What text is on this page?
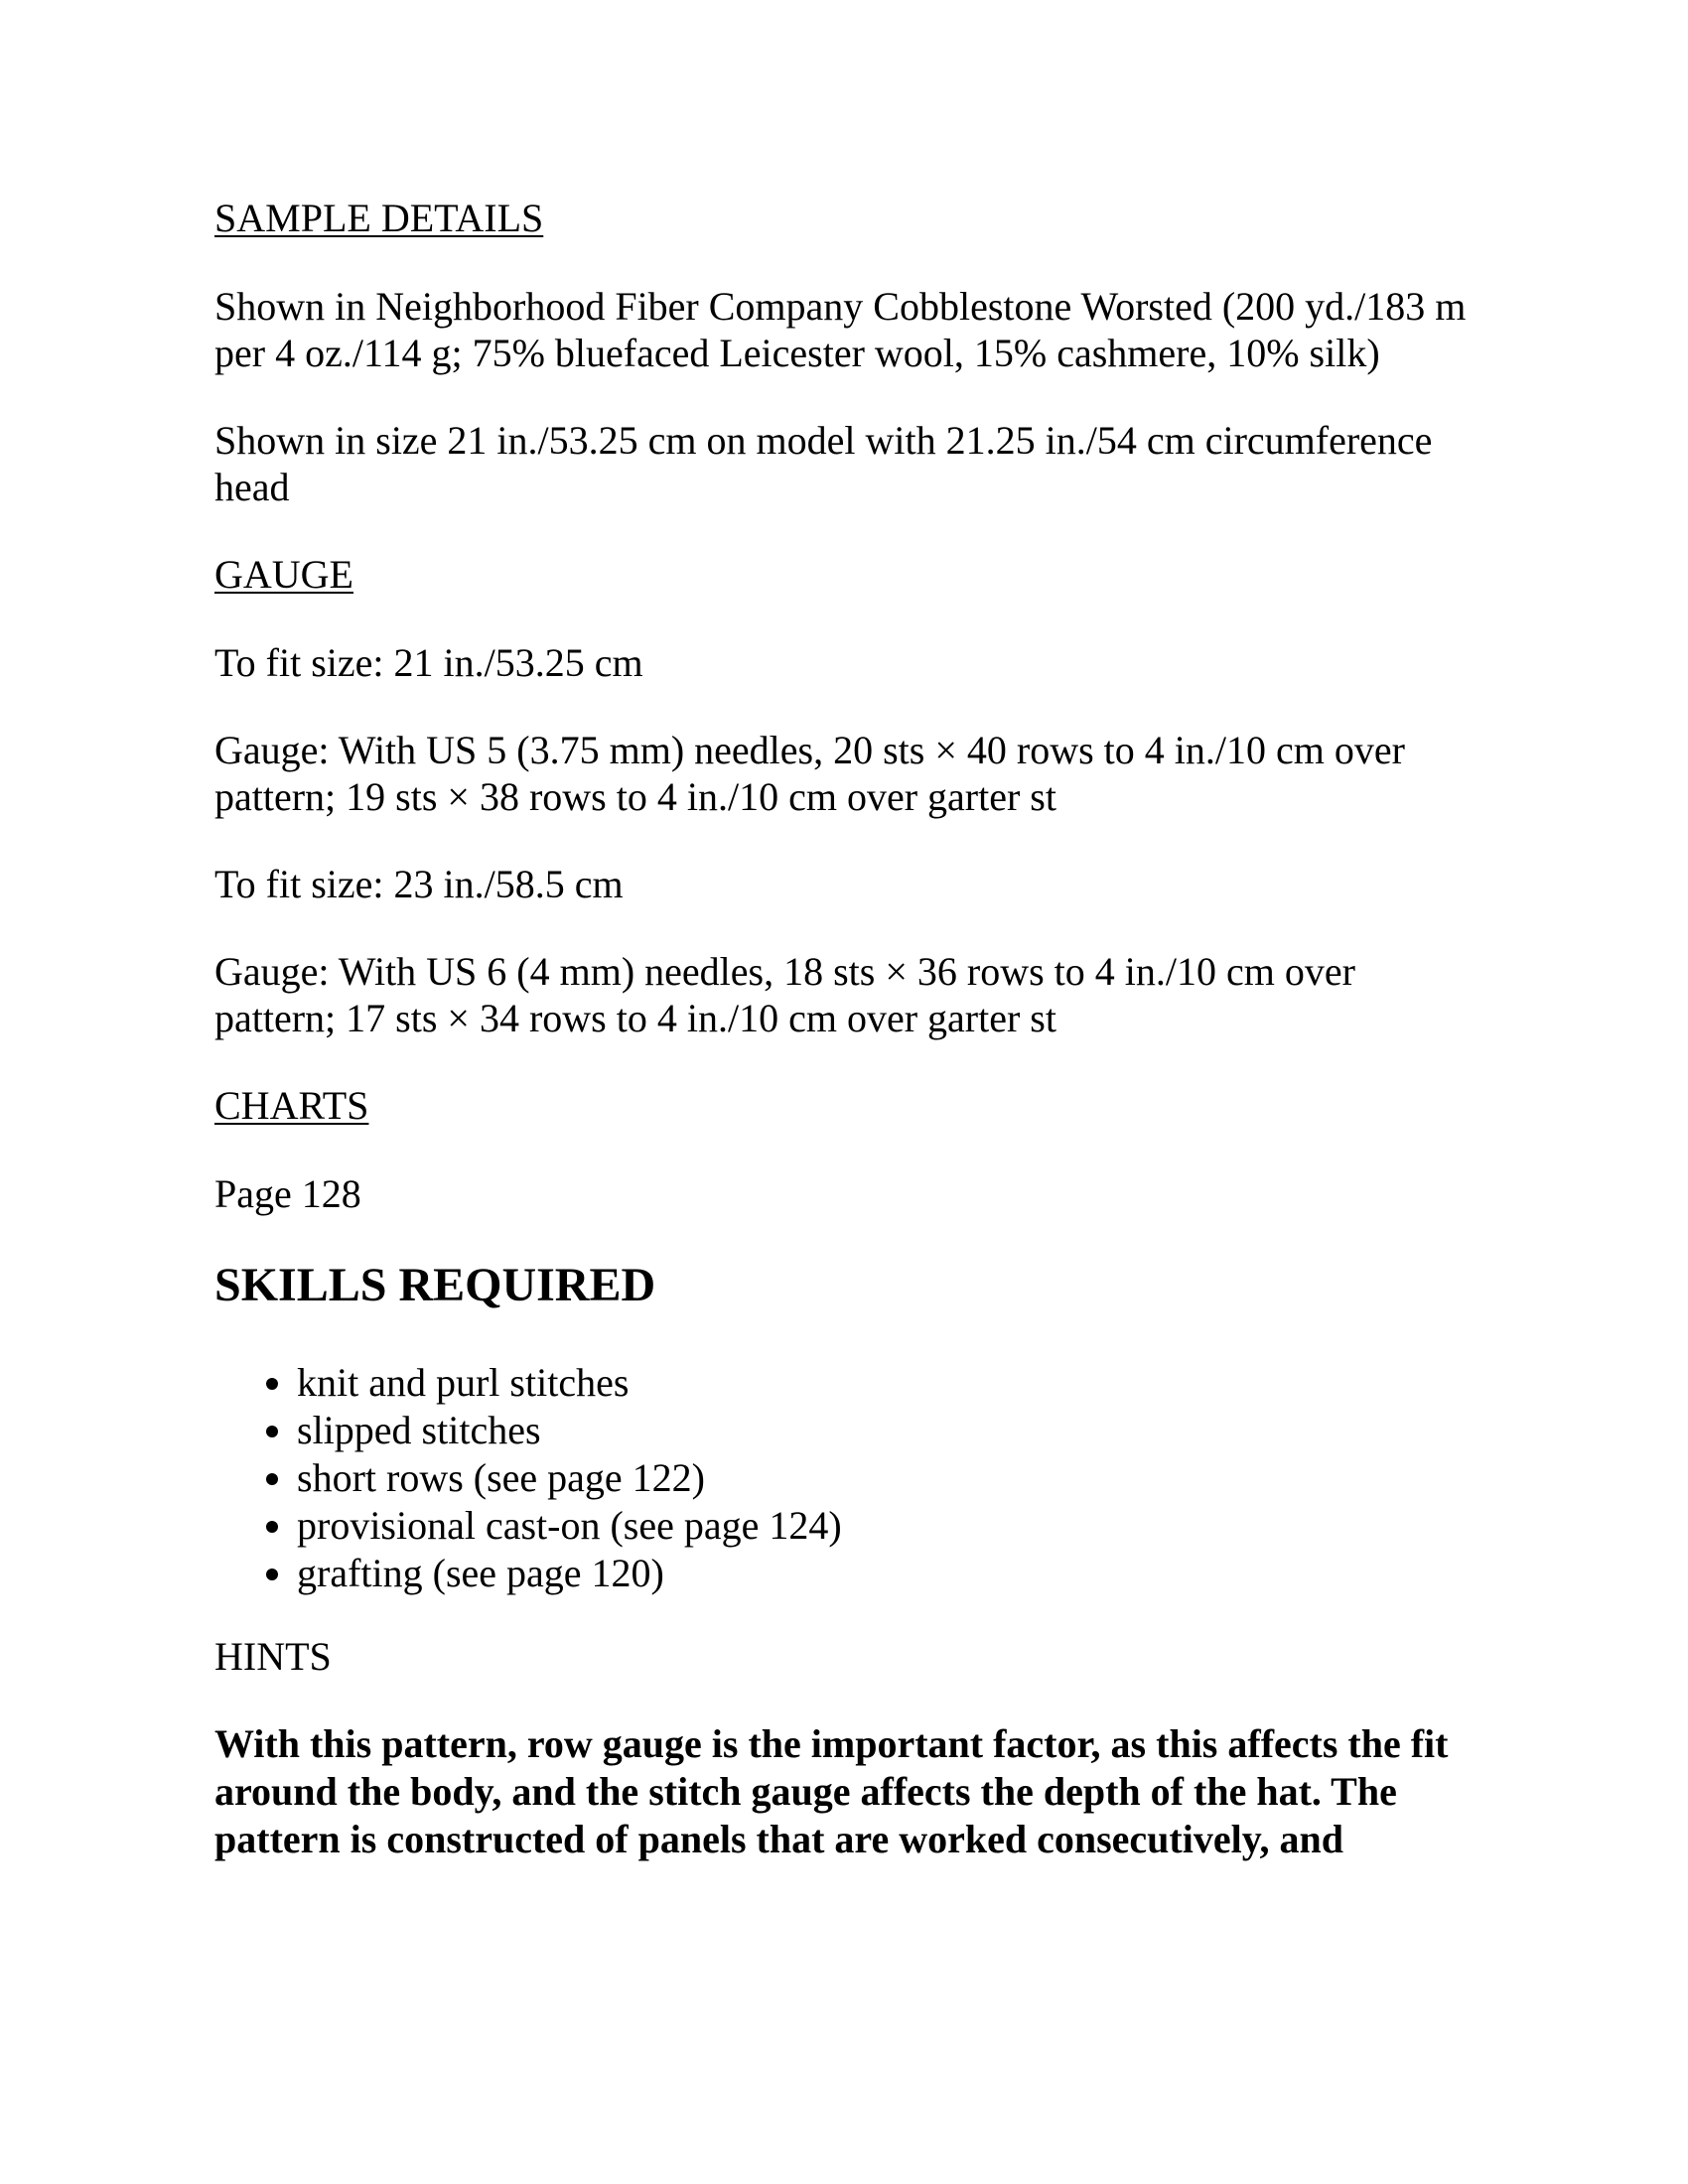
SAMPLE DETAILS

Shown in Neighborhood Fiber Company Cobblestone Worsted (200 yd./183 m per 4 oz./114 g; 75% bluefaced Leicester wool, 15% cashmere, 10% silk)

Shown in size 21 in./53.25 cm on model with 21.25 in./54 cm circumference head

GAUGE

To fit size: 21 in./53.25 cm

Gauge: With US 5 (3.75 mm) needles, 20 sts × 40 rows to 4 in./10 cm over pattern; 19 sts × 38 rows to 4 in./10 cm over garter st

To fit size: 23 in./58.5 cm

Gauge: With US 6 (4 mm) needles, 18 sts × 36 rows to 4 in./10 cm over pattern; 17 sts × 34 rows to 4 in./10 cm over garter st

CHARTS

Page 128

SKILLS REQUIRED
• knit and purl stitches
• slipped stitches
• short rows (see page 122)
• provisional cast-on (see page 124)
• grafting (see page 120)
HINTS

With this pattern, row gauge is the important factor, as this affects the fit around the body, and the stitch gauge affects the depth of the hat. The pattern is constructed of panels that are worked consecutively, and
